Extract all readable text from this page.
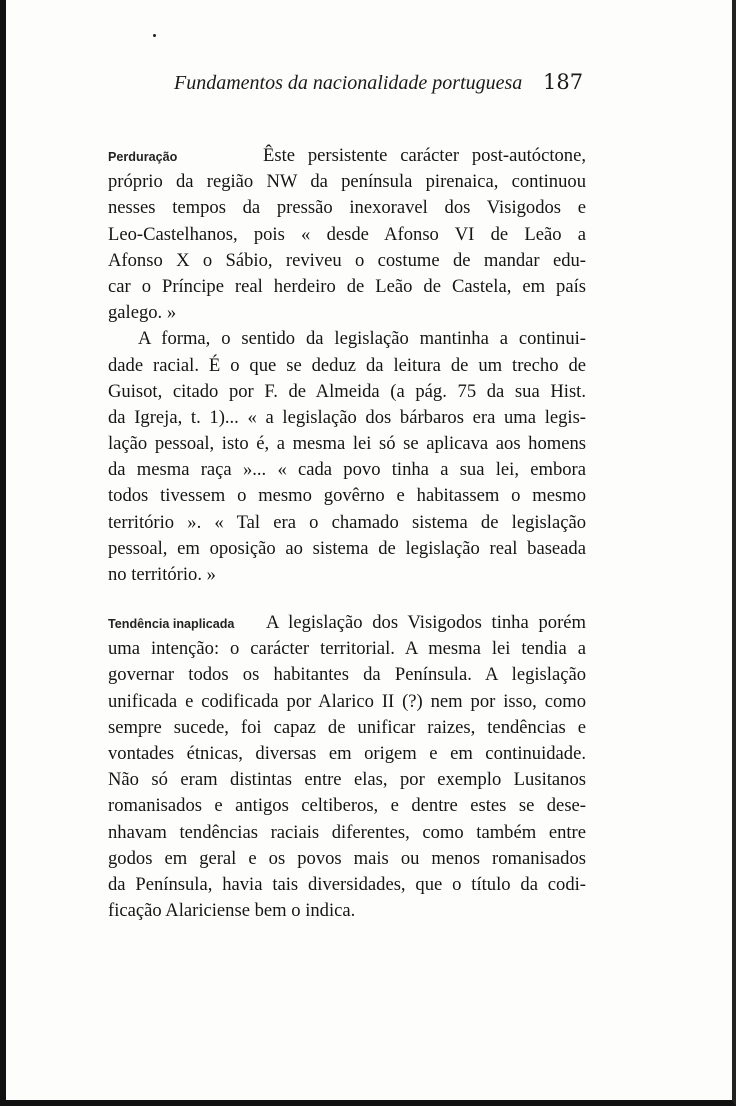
Fundamentos da nacionalidade portuguesa 187
Perduração	Êste persistente carácter post-autóctone,
próprio da região NW da península pirenaica, continuou
nesses tempos da pressão inexoravel dos Visigodos e
Leo-Castelhanos, pois « desde Afonso VI de Leão a
Afonso X o Sábio, reviveu o costume de mandar edu-
car o Príncipe real herdeiro de Leão de Castela, em país
galego. »
A forma, o sentido da legislação mantinha a continui-
dade racial. É o que se deduz da leitura de um trecho de
Guisot, citado por F. de Almeida (a pág. 75 da sua Hist.
da Igreja, t. 1)... « a legislação dos bárbaros era uma legis-
lação pessoal, isto é, a mesma lei só se aplicava aos homens
da mesma raça »... « cada povo tinha a sua lei, embora
todos tivessem o mesmo govêrno e habitassem o mesmo
território ». « Tal era o chamado sistema de legislação
pessoal, em oposição ao sistema de legislação real baseada
no território. »
Tendência inaplicada A legislação dos Visigodos tinha porém
uma intenção: o carácter territorial. A mesma lei tendia a
governar todos os habitantes da Península. A legislação
unificada e codificada por Alarico II (?) nem por isso, como
sempre sucede, foi capaz de unificar raizes, tendências e
vontades étnicas, diversas em origem e em continuidade.
Não só eram distintas entre elas, por exemplo Lusitanos
romanisados e antigos celtiberos, e dentre estes se dese-
nhavam tendências raciais diferentes, como também entre
godos em geral e os povos mais ou menos romanisados
da Península, havia tais diversidades, que o título da codi-
ficação Alariciense bem o indica.
